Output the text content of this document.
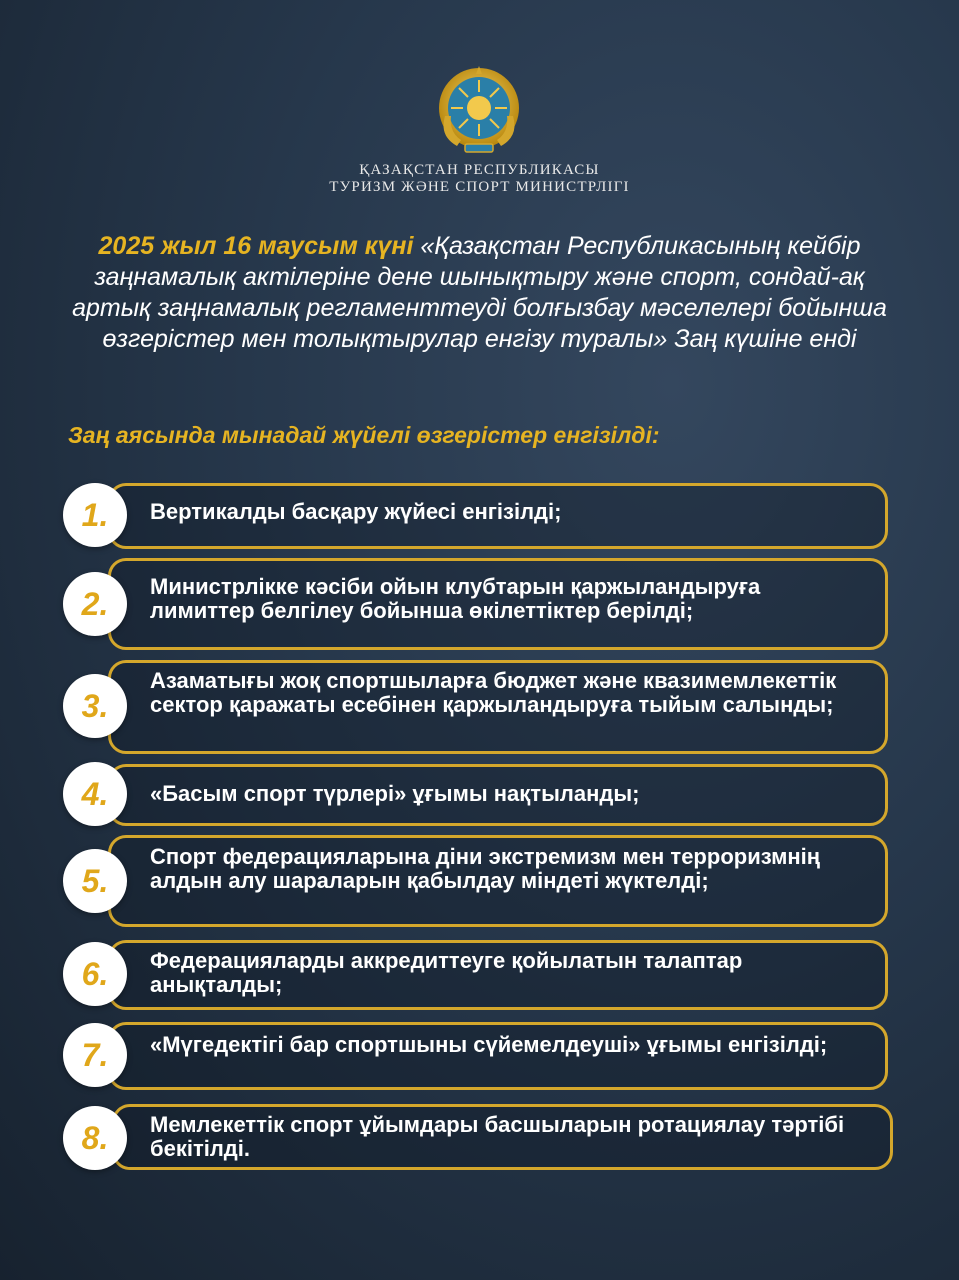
ҚАЗАҚСТАН РЕСПУБЛИКАСЫ
ТУРИЗМ ЖӘНЕ СПОРТ МИНИСТРЛІГІ
2025 жыл 16 маусым күні «Қазақстан Республикасының кейбір заңнамалық актілеріне дене шынықтыру және спорт, сондай-ақ артық заңнамалық регламенттеуді болғызбау мәселелері бойынша өзгерістер мен толықтырулар енгізу туралы» Заң күшіне енді
Заң аясында мынадай жүйелі өзгерістер енгізілді:
1.	Вертикалды басқару жүйесі енгізілді;
2.	Министрлікке кәсіби ойын клубтарын қаржыландыруға лимиттер белгілеу бойынша өкілеттіктер берілді;
3.
Азаматығы жоқ спортшыларға бюджет және квазимемлекеттік сектор қаражаты есебінен қаржыландыруға тыйым салынды;
4.	«Басым спорт түрлері» ұғымы нақтыланды;
5.
Спорт федерацияларына діни экстремизм мен терроризмнің алдын алу шараларын қабылдау міндеті жүктелді;
6.	Федерацияларды аккредиттеуге қойылатын талаптар анықталды;
7.	«Мүгедектігі бар спортшыны сүйемелдеуші» ұғымы енгізілді;
8.	Мемлекеттік спорт ұйымдары басшыларын ротациялау тәртібі бекітілді.
